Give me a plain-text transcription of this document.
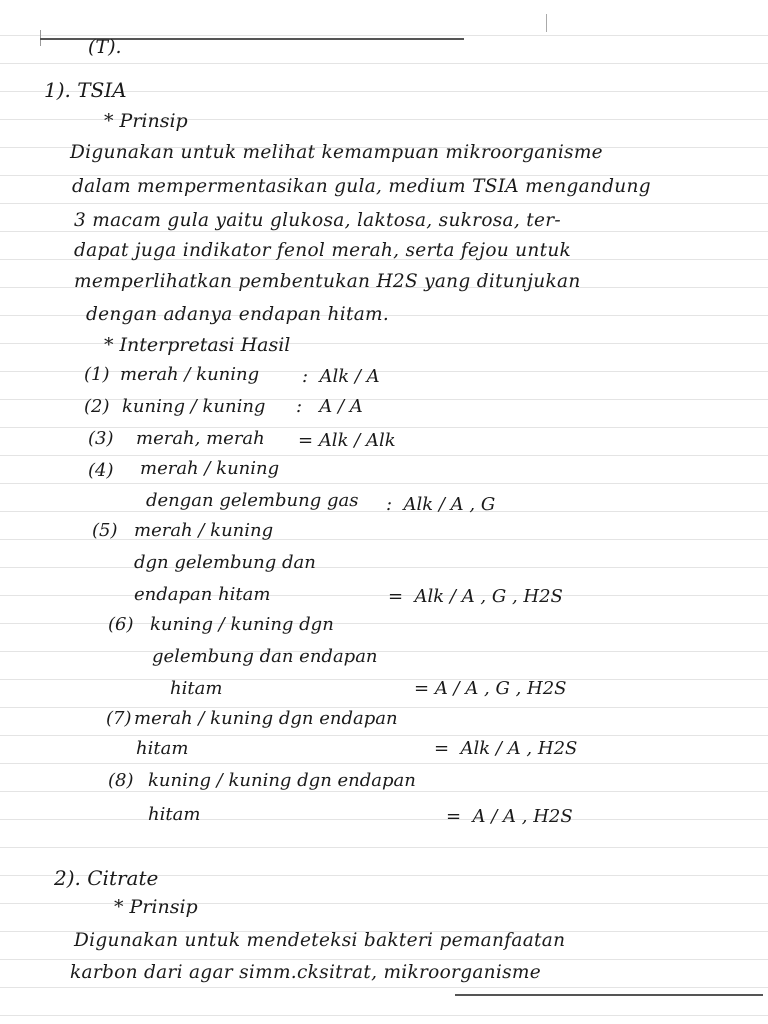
(T).
1). TSIA
* Prinsip
Digunakan untuk melihat kemampuan mikroorganisme
dalam mempermentasikan gula, medium TSIA mengandung
3 macam gula yaitu glukosa, laktosa, sukrosa, ter-
dapat juga indikator fenol merah, serta fejou untuk
memperlihatkan pembentukan H2S yang ditunjukan
dengan adanya endapan hitam.
* Interpretasi Hasil
(1) merah / kuning :  Alk / A
(2) kuning / kuning :   A / A
(3) merah, merah = Alk / Alk
(4) merah / kuning
dengan gelembung gas :  Alk / A , G
(5) merah / kuning
dgn gelembung dan
endapan hitam	=  Alk / A , G , H2S
(6) kuning / kuning dgn
gelembung dan endapan
hitam	= A / A , G , H2S
(7) merah / kuning dgn endapan
hitam	=  Alk / A , H2S
(8) kuning / kuning dgn endapan
hitam	=  A / A , H2S
2). Citrate
* Prinsip
Digunakan untuk mendeteksi bakteri pemanfaatan
karbon dari agar simm.cksitrat, mikroorganisme
